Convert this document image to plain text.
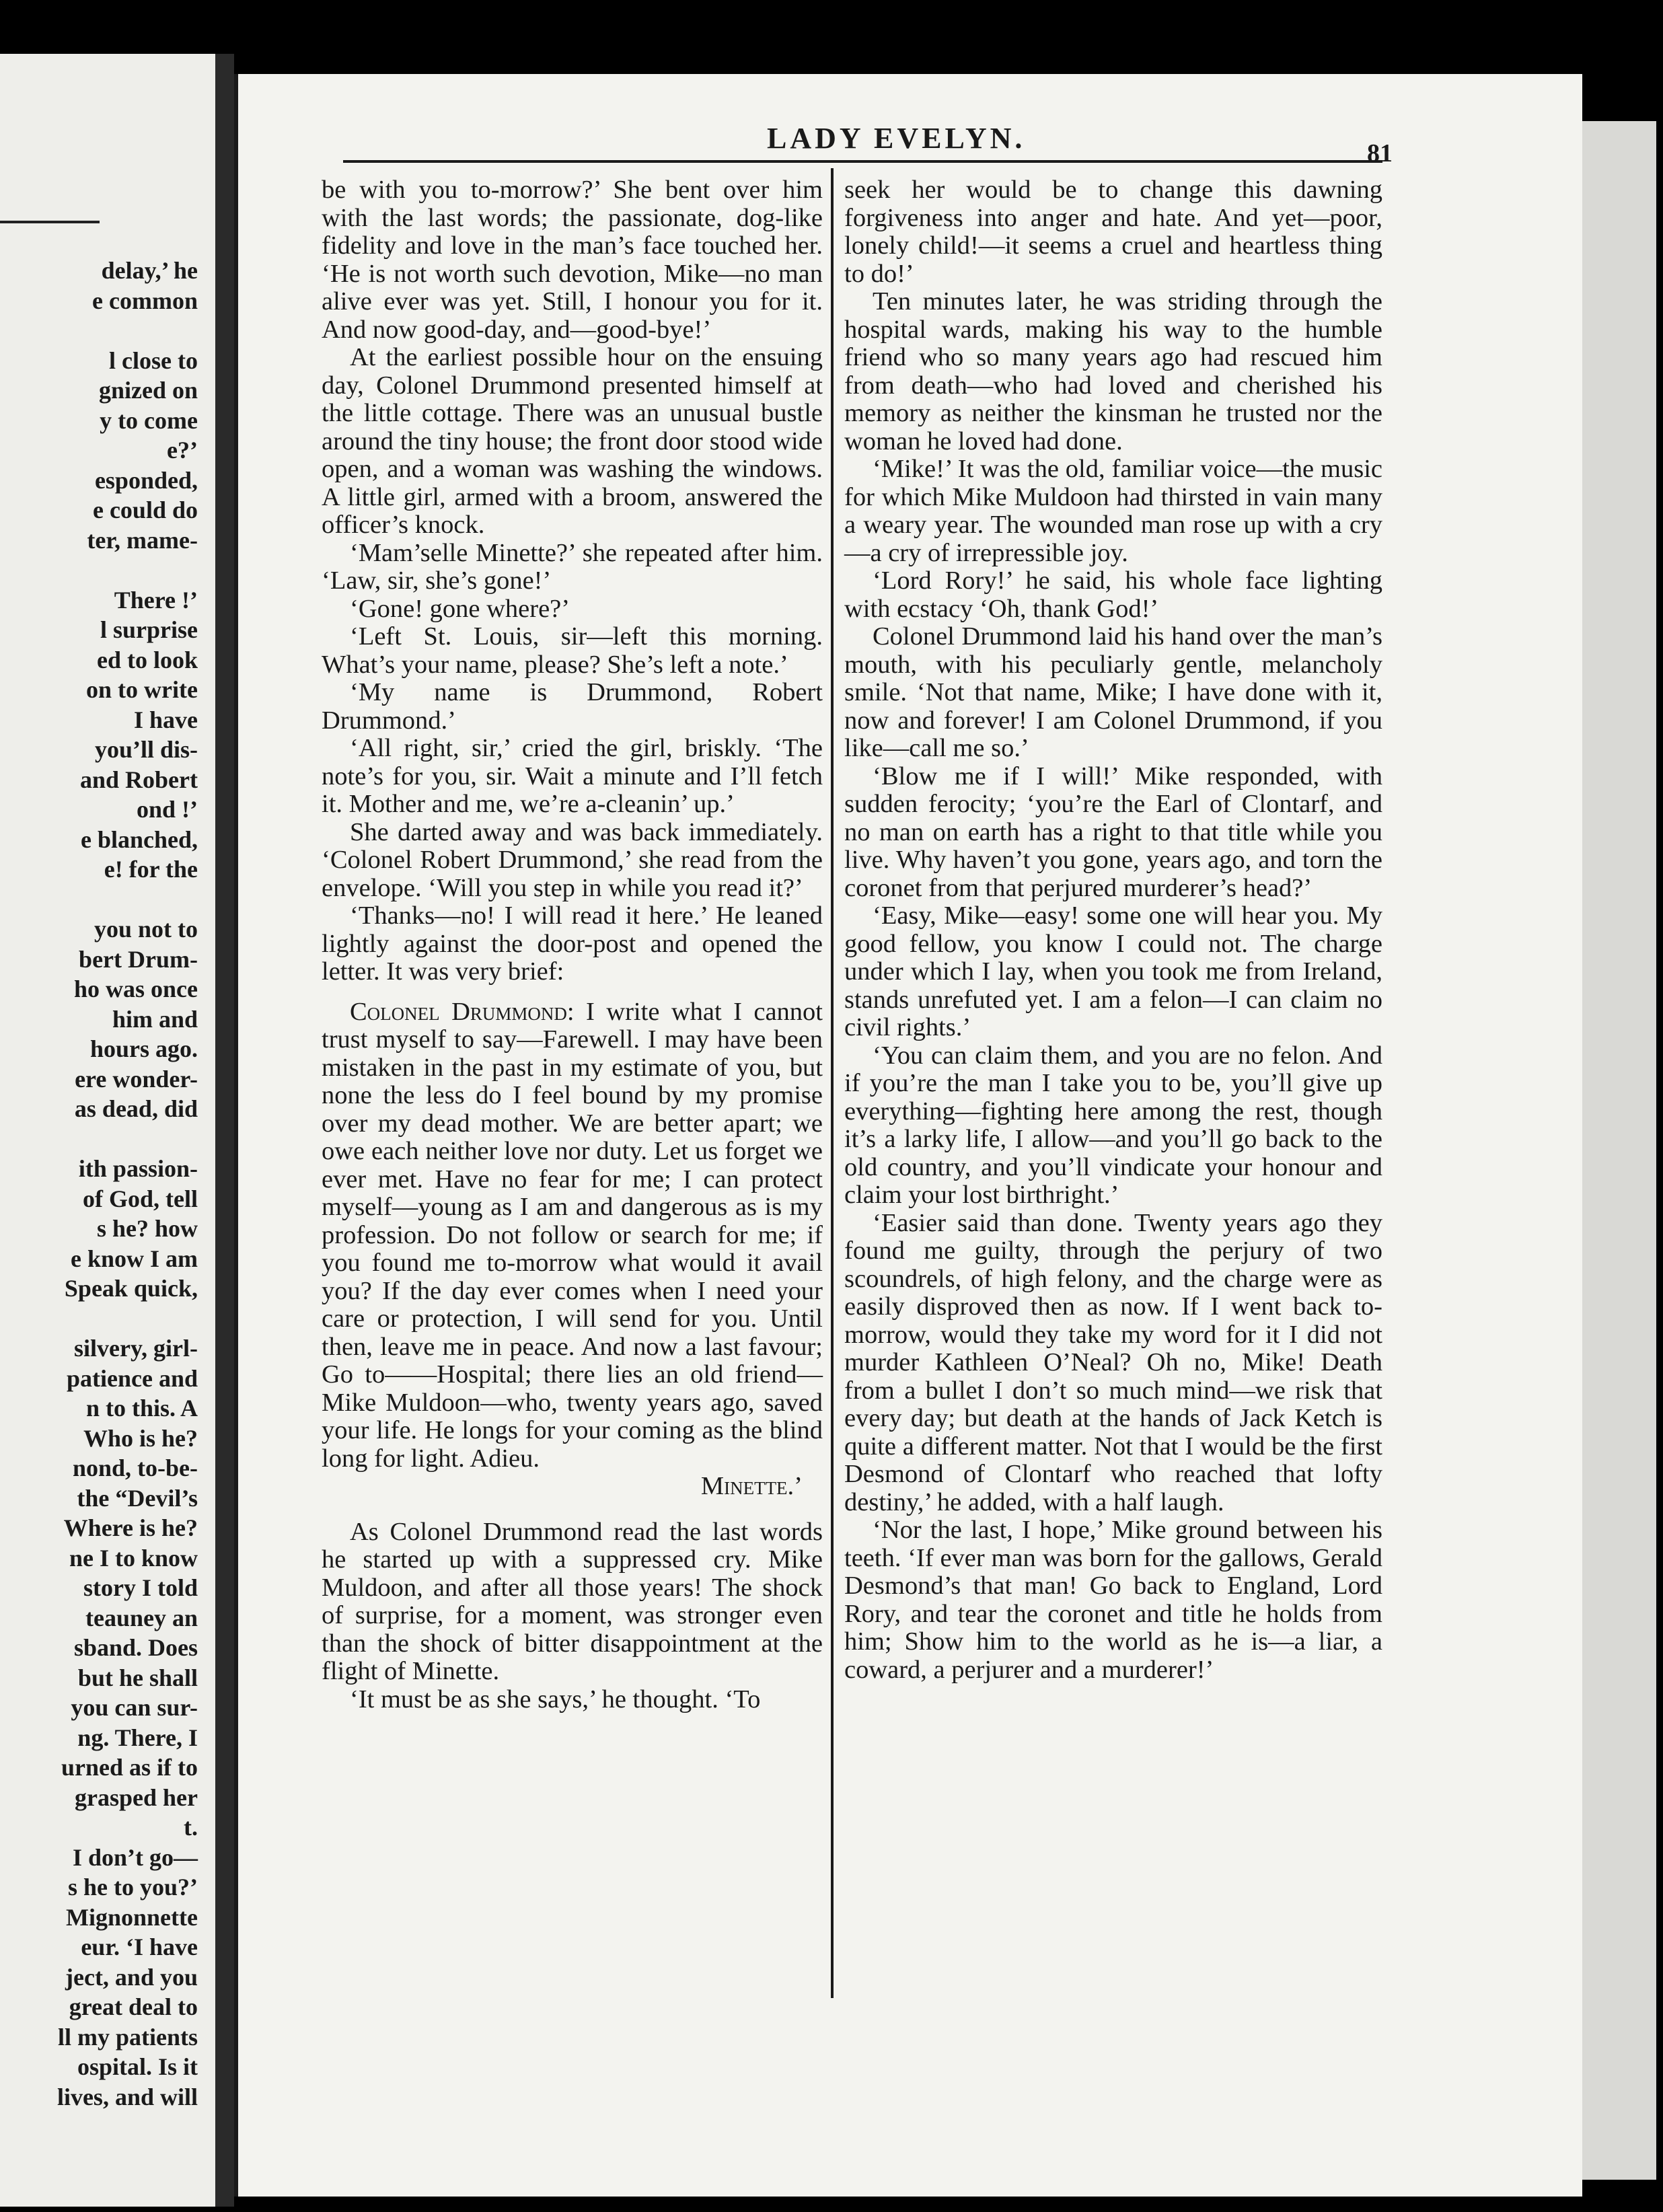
delay,’ he
e common
l close to
gnized on
y to come
e?’
esponded,
e could do
ter, mame-
There !’
l surprise
ed to look
on to write
I have
you’ll dis-
and Robert
ond !’
e blanched,
e! for the
you not to
bert Drum-
ho was once
him and
hours ago.
ere wonder-
as dead, did
ith passion-
of God, tell
s he? how
e know I am
Speak quick,
silvery, girl-
patience and
n to this. A
Who is he?
nond, to-be-
the “Devil’s
Where is he?
ne I to know
story I told
teauney an
sband. Does
but he shall
you can sur-
ng. There, I
urned as if to
grasped her
t.
I don’t go—
s he to you?’
Mignonnette
eur. ‘I have
ject, and you
great deal to
ll my patients
ospital. Is it
lives, and will
LADY EVELYN.	81

be with you to-morrow?’ She bent over him with the last words; the passionate, dog-like fidelity and love in the man’s face touched her. ‘He is not worth such devotion, Mike—no man alive ever was yet. Still, I honour you for it. And now good-day, and—good-bye!’

At the earliest possible hour on the ensuing day, Colonel Drummond presented himself at the little cottage. There was an unusual bustle around the tiny house; the front door stood wide open, and a woman was washing the windows. A little girl, armed with a broom, answered the officer’s knock.

‘Mam’selle Minette?’ she repeated after him. ‘Law, sir, she’s gone!’

‘Gone! gone where?’

‘Left St. Louis, sir—left this morning. What’s your name, please? She’s left a note.’

‘My name is Drummond, Robert Drummond.’

‘All right, sir,’ cried the girl, briskly. ‘The note’s for you, sir. Wait a minute and I’ll fetch it. Mother and me, we’re a-cleanin’ up.’

She darted away and was back immediately. ‘Colonel Robert Drummond,’ she read from the envelope. ‘Will you step in while you read it?’

‘Thanks—no! I will read it here.’ He leaned lightly against the door-post and opened the letter. It was very brief:

Colonel Drummond: I write what I cannot trust myself to say—Farewell. I may have been mistaken in the past in my estimate of you, but none the less do I feel bound by my promise over my dead mother. We are better apart; we owe each neither love nor duty. Let us forget we ever met. Have no fear for me; I can protect myself—young as I am and dangerous as is my profession. Do not follow or search for me; if you found me to-morrow what would it avail you? If the day ever comes when I need your care or protection, I will send for you. Until then, leave me in peace. And now a last favour; Go to——Hospital; there lies an old friend—Mike Muldoon—who, twenty years ago, saved your life. He longs for your coming as the blind long for light. Adieu.

Minette.’

As Colonel Drummond read the last words he started up with a suppressed cry. Mike Muldoon, and after all those years! The shock of surprise, for a moment, was stronger even than the shock of bitter disappointment at the flight of Minette.

‘It must be as she says,’ he thought. ‘To

seek her would be to change this dawning forgiveness into anger and hate. And yet—poor, lonely child!—it seems a cruel and heartless thing to do!’

Ten minutes later, he was striding through the hospital wards, making his way to the humble friend who so many years ago had rescued him from death—who had loved and cherished his memory as neither the kinsman he trusted nor the woman he loved had done.

‘Mike!’ It was the old, familiar voice—the music for which Mike Muldoon had thirsted in vain many a weary year. The wounded man rose up with a cry—a cry of irrepressible joy.

‘Lord Rory!’ he said, his whole face lighting with ecstacy ‘Oh, thank God!’

Colonel Drummond laid his hand over the man’s mouth, with his peculiarly gentle, melancholy smile. ‘Not that name, Mike; I have done with it, now and forever! I am Colonel Drummond, if you like—call me so.’

‘Blow me if I will!’ Mike responded, with sudden ferocity; ‘you’re the Earl of Clontarf, and no man on earth has a right to that title while you live. Why haven’t you gone, years ago, and torn the coronet from that perjured murderer’s head?’

‘Easy, Mike—easy! some one will hear you. My good fellow, you know I could not. The charge under which I lay, when you took me from Ireland, stands unrefuted yet. I am a felon—I can claim no civil rights.’

‘You can claim them, and you are no felon. And if you’re the man I take you to be, you’ll give up everything—fighting here among the rest, though it’s a larky life, I allow—and you’ll go back to the old country, and you’ll vindicate your honour and claim your lost birthright.’

‘Easier said than done. Twenty years ago they found me guilty, through the perjury of two scoundrels, of high felony, and the charge were as easily disproved then as now. If I went back to-morrow, would they take my word for it I did not murder Kathleen O’Neal? Oh no, Mike! Death from a bullet I don’t so much mind—we risk that every day; but death at the hands of Jack Ketch is quite a different matter. Not that I would be the first Desmond of Clontarf who reached that lofty destiny,’ he added, with a half laugh.

‘Nor the last, I hope,’ Mike ground between his teeth. ‘If ever man was born for the gallows, Gerald Desmond’s that man! Go back to England, Lord Rory, and tear the coronet and title he holds from him; Show him to the world as he is—a liar, a coward, a perjurer and a murderer!’
